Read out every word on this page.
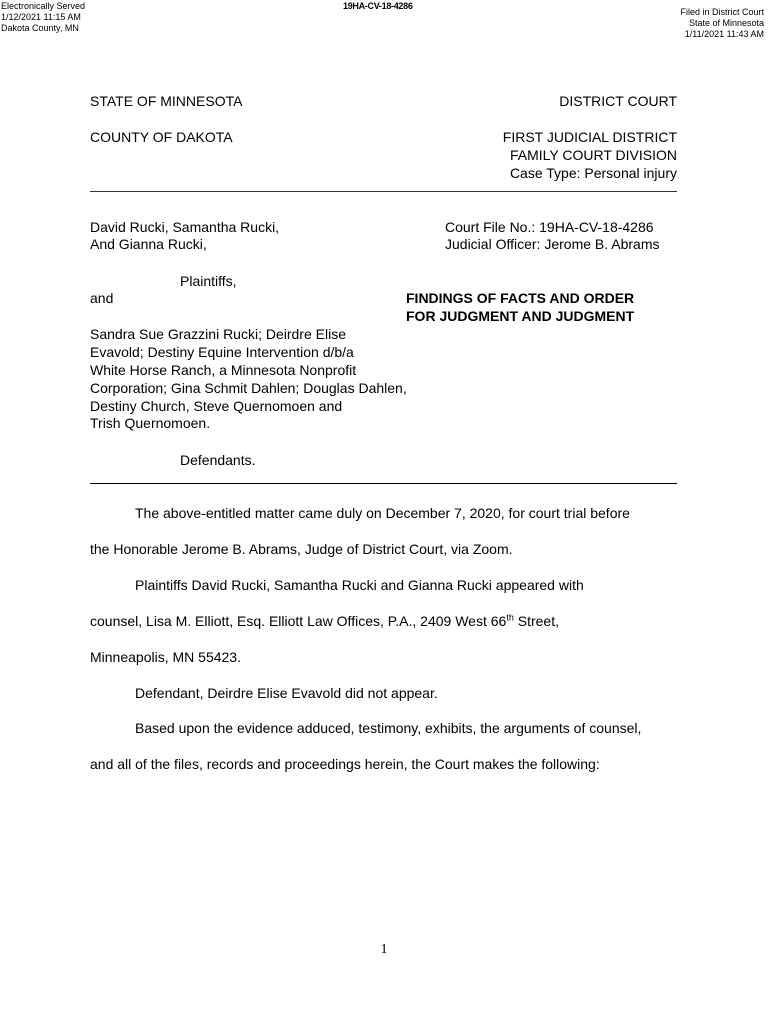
Electronically Served
1/12/2021 11:15 AM
Dakota County, MN
19HA-CV-18-4286
Filed in District Court
State of Minnesota
1/11/2021 11:43 AM
STATE OF MINNESOTA	DISTRICT COURT
COUNTY OF DAKOTA	FIRST JUDICIAL DISTRICT
FAMILY COURT DIVISION
Case Type: Personal injury
David Rucki, Samantha Rucki,
And Gianna Rucki,
Court File No.: 19HA-CV-18-4286
Judicial Officer: Jerome B. Abrams
Plaintiffs,
and	FINDINGS OF FACTS AND ORDER
FOR JUDGMENT AND JUDGMENT
Sandra Sue Grazzini Rucki; Deirdre Elise
Evavold; Destiny Equine Intervention d/b/a
White Horse Ranch, a Minnesota Nonprofit
Corporation; Gina Schmit Dahlen; Douglas Dahlen,
Destiny Church, Steve Quernomoen and
Trish Quernomoen.
Defendants.
The above-entitled matter came duly on December 7, 2020, for court trial before
the Honorable Jerome B. Abrams, Judge of District Court, via Zoom.
Plaintiffs David Rucki, Samantha Rucki and Gianna Rucki appeared with
counsel, Lisa M. Elliott, Esq. Elliott Law Offices, P.A., 2409 West 66th Street,
Minneapolis, MN 55423.
Defendant, Deirdre Elise Evavold did not appear.
Based upon the evidence adduced, testimony, exhibits, the arguments of counsel,
and all of the files, records and proceedings herein, the Court makes the following:
1
